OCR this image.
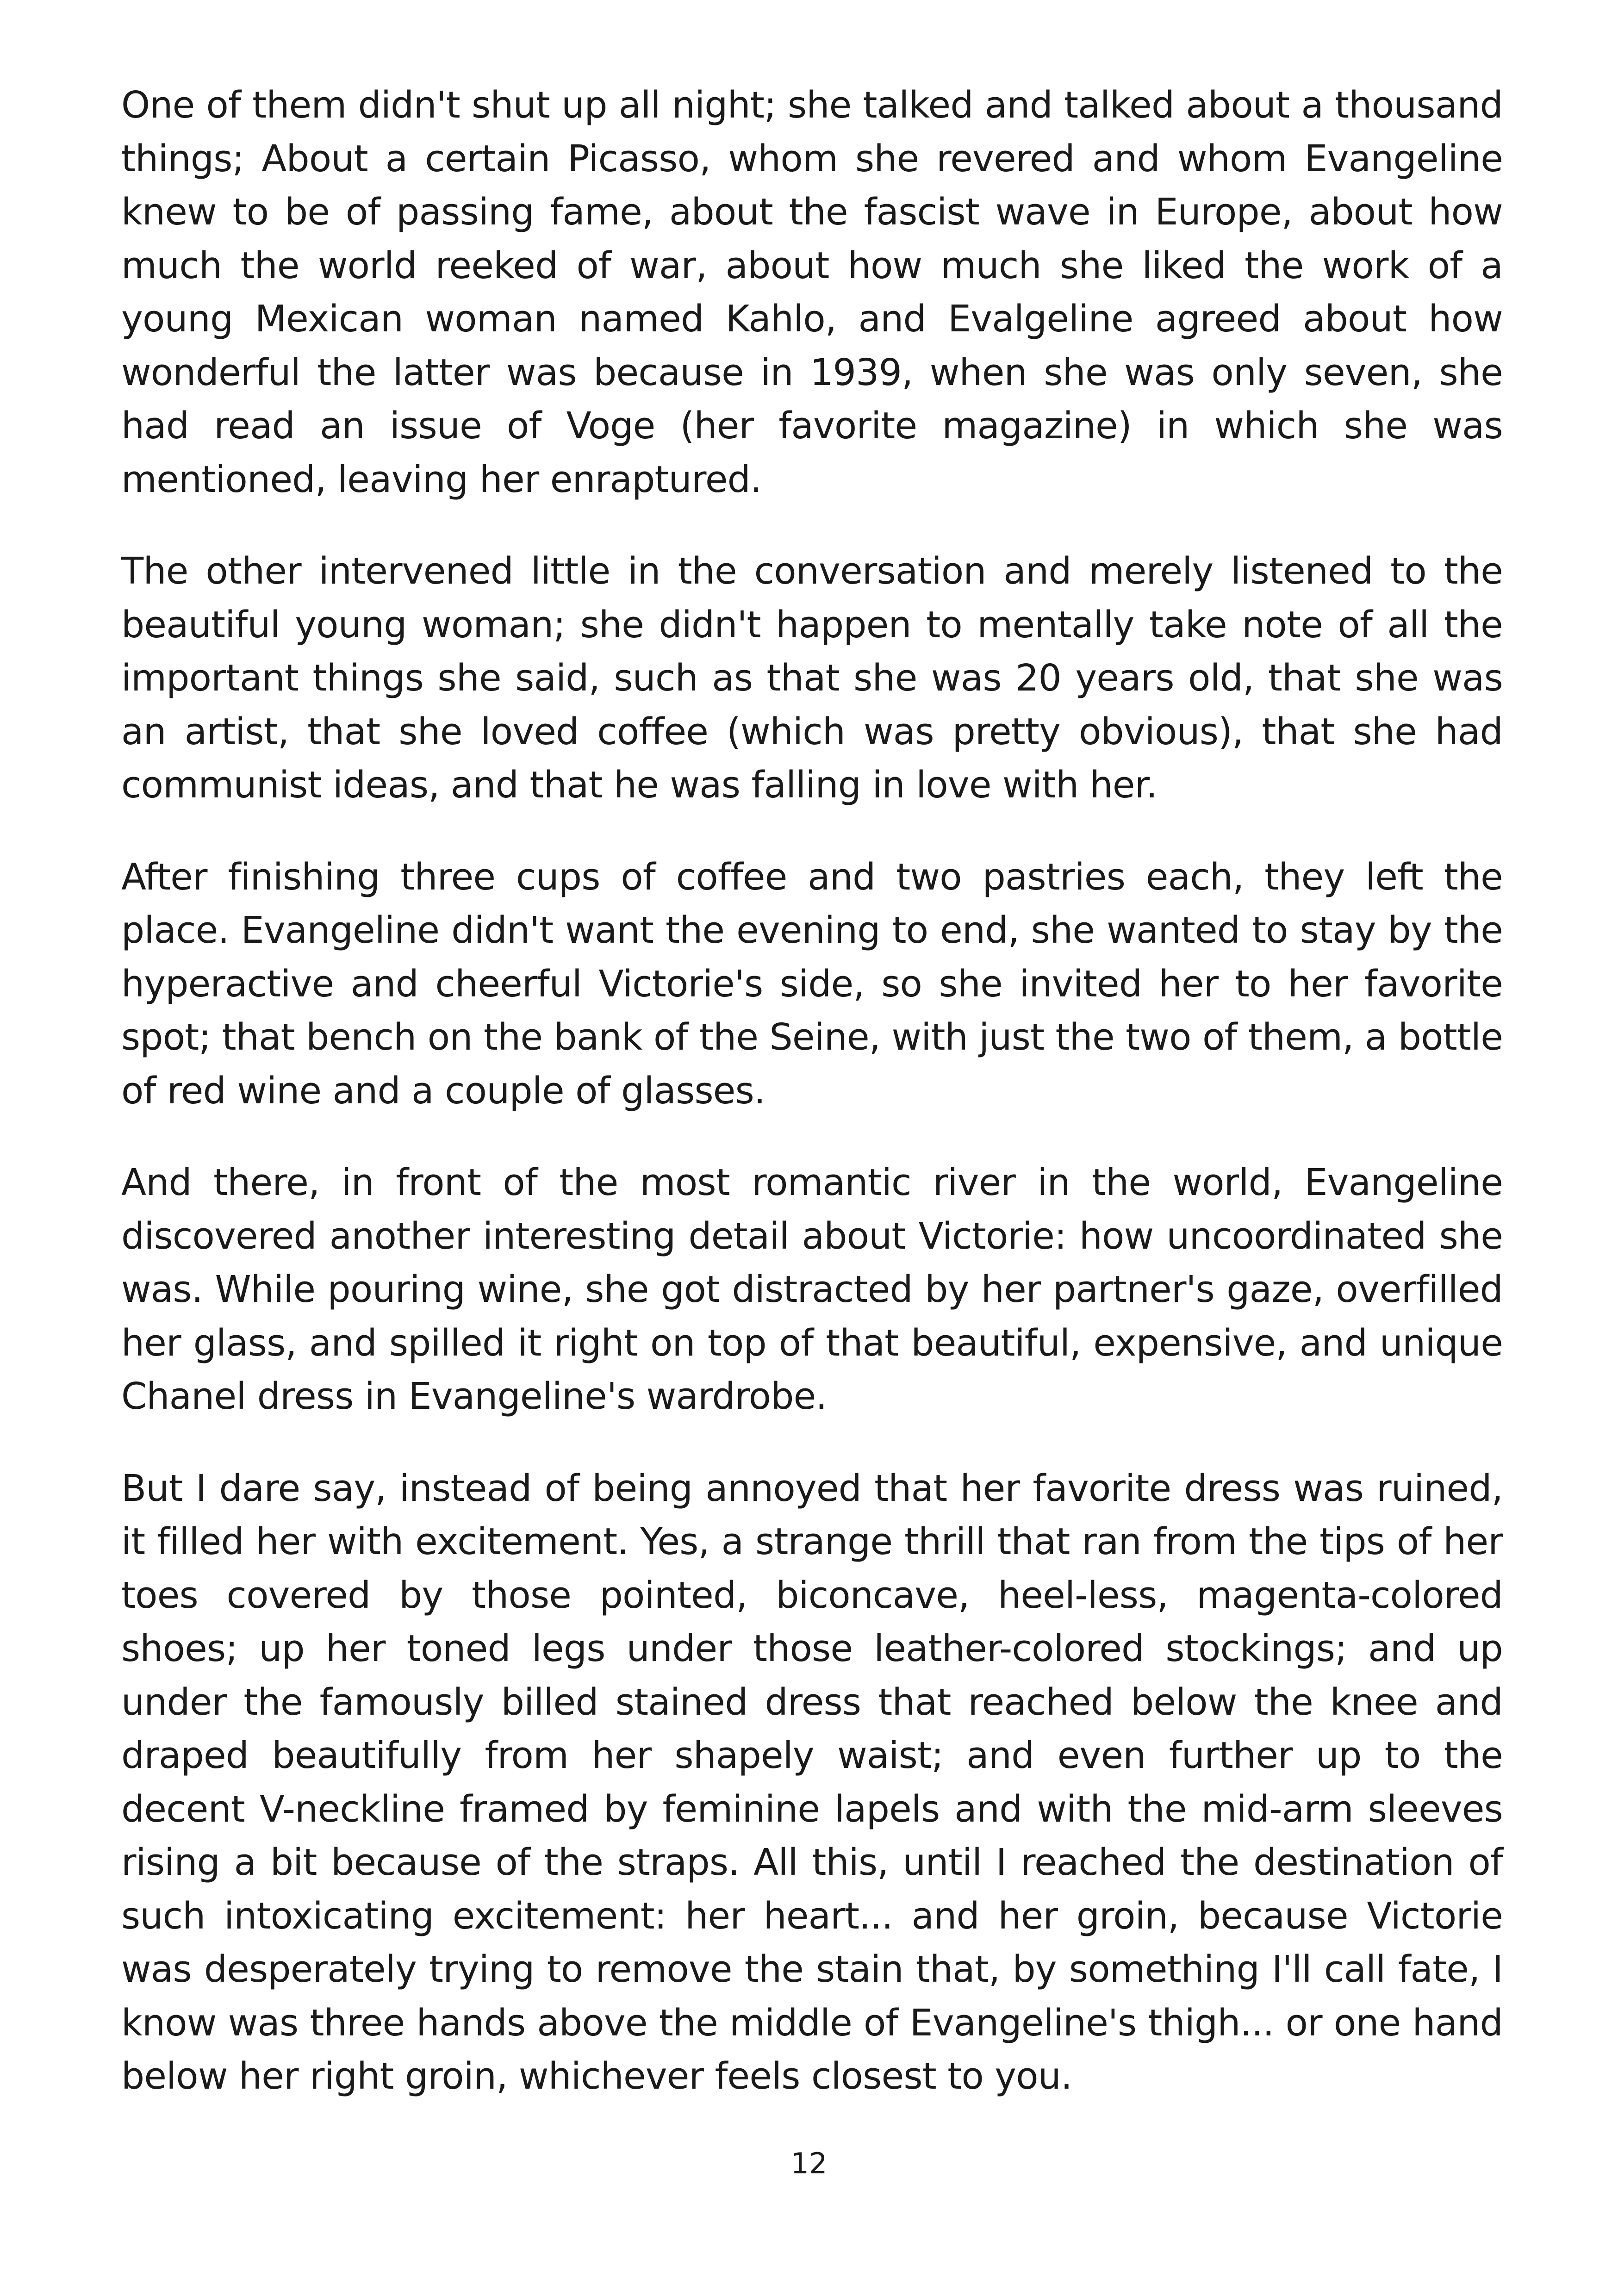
One of them didn't shut up all night; she talked and talked about a thousand things; About a certain Picasso, whom she revered and whom Evangeline knew to be of passing fame, about the fascist wave in Europe, about how much the world reeked of war, about how much she liked the work of a young Mexican woman named Kahlo, and Evalgeline agreed about how wonderful the latter was because in 1939, when she was only seven, she had read an issue of Voge (her favorite magazine) in which she was mentioned, leaving her enraptured.

The other intervened little in the conversation and merely listened to the beautiful young woman; she didn't happen to mentally take note of all the important things she said, such as that she was 20 years old, that she was an artist, that she loved coffee (which was pretty obvious), that she had communist ideas, and that he was falling in love with her.

After finishing three cups of coffee and two pastries each, they left the place. Evangeline didn't want the evening to end, she wanted to stay by the hyperactive and cheerful Victorie's side, so she invited her to her favorite spot; that bench on the bank of the Seine, with just the two of them, a bottle of red wine and a couple of glasses.

And there, in front of the most romantic river in the world, Evangeline discovered another interesting detail about Victorie: how uncoordinated she was. While pouring wine, she got distracted by her partner's gaze, overfilled her glass, and spilled it right on top of that beautiful, expensive, and unique Chanel dress in Evangeline's wardrobe.

But I dare say, instead of being annoyed that her favorite dress was ruined, it filled her with excitement. Yes, a strange thrill that ran from the tips of her toes covered by those pointed, biconcave, heel-less, magenta-colored shoes; up her toned legs under those leather-colored stockings; and up under the famously billed stained dress that reached below the knee and draped beautifully from her shapely waist; and even further up to the decent V-neckline framed by feminine lapels and with the mid-arm sleeves rising a bit because of the straps. All this, until I reached the destination of such intoxicating excitement: her heart... and her groin, because Victorie was desperately trying to remove the stain that, by something I'll call fate, I know was three hands above the middle of Evangeline's thigh... or one hand below her right groin, whichever feels closest to you.

12
